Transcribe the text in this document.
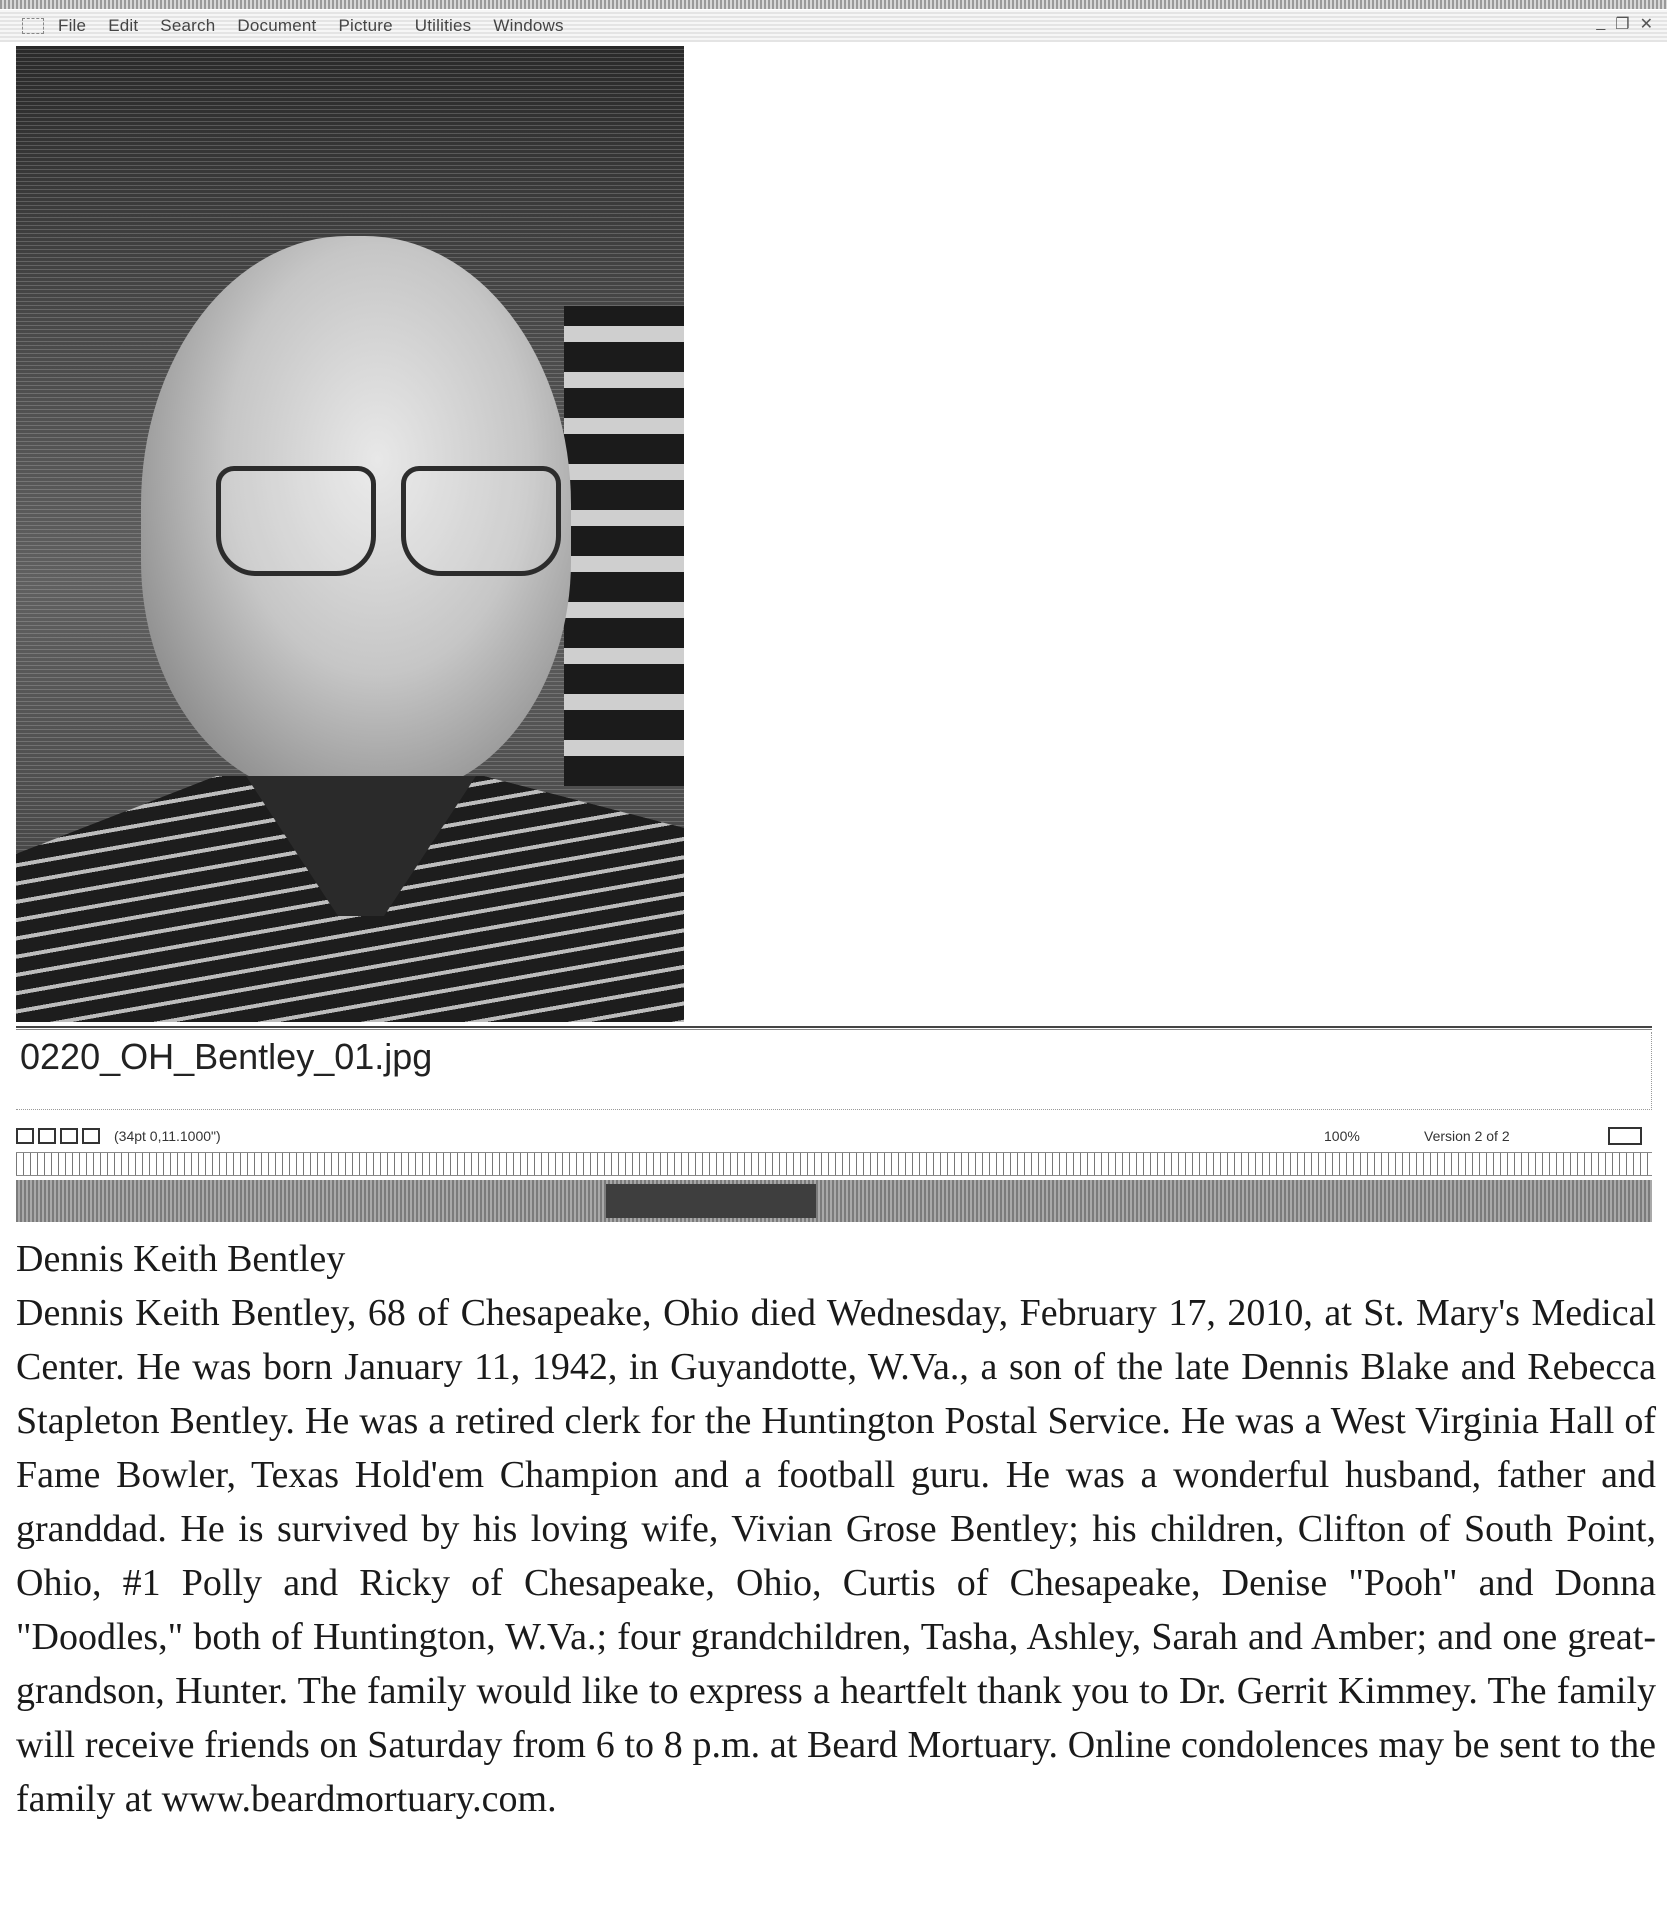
File Edit Search Document Picture Utilities Windows	_ ❐ ✕
0220_OH_Bentley_01.jpg
(34pt 0,11.1000")	100%	Version 2 of 2
Dennis Keith Bentley
Dennis Keith Bentley, 68 of Chesapeake, Ohio died Wednesday, February 17, 2010, at St. Mary's Medical Center. He was born January 11, 1942, in Guyandotte, W.Va., a son of the late Dennis Blake and Rebecca Stapleton Bentley. He was a retired clerk for the Huntington Postal Service. He was a West Virginia Hall of Fame Bowler, Texas Hold'em Champion and a football guru. He was a wonderful husband, father and granddad. He is survived by his loving wife, Vivian Grose Bentley; his children, Clifton of South Point, Ohio, #1 Polly and Ricky of Chesapeake, Ohio, Curtis of Chesapeake, Denise "Pooh" and Donna "Doodles," both of Huntington, W.Va.; four grandchildren, Tasha, Ashley, Sarah and Amber; and one great-grandson, Hunter. The family would like to express a heartfelt thank you to Dr. Gerrit Kimmey. The family will receive friends on Saturday from 6 to 8 p.m. at Beard Mortuary. Online condolences may be sent to the family at www.beardmortuary.com.
